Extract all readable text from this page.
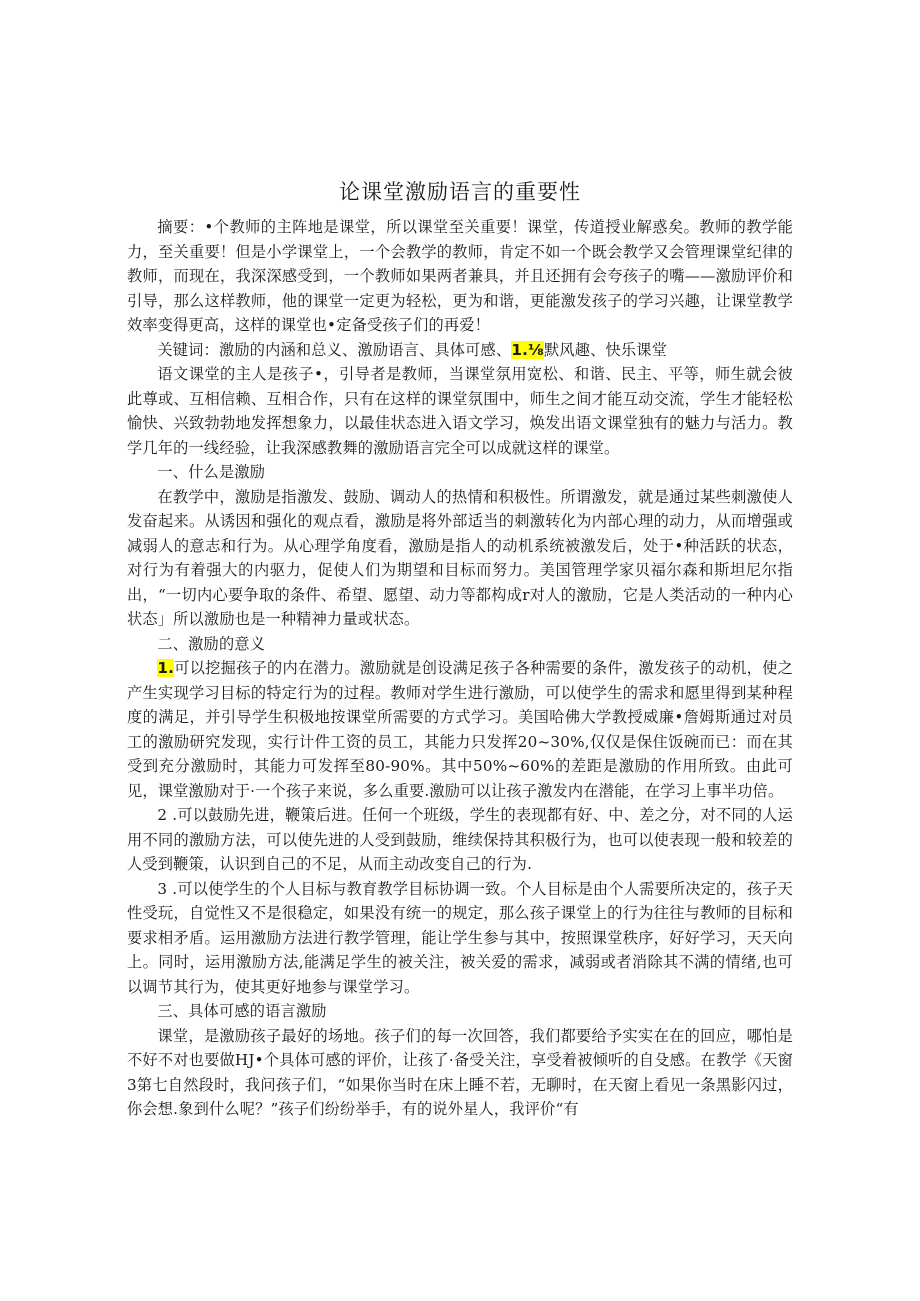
论课堂激励语言的重要性

摘要：•个教师的主阵地是课堂，所以课堂至关重要！课堂，传道授业解惑矣。教师的教学能力，至关重要！但是小学课堂上，一个会教学的教师，肯定不如一个既会教学又会管理课堂纪律的教师，而现在，我深深感受到，一个教师如果两者兼具，并且还拥有会夸孩子的嘴——激励评价和引导，那么这样教师，他的课堂一定更为轻松，更为和谐，更能激发孩子的学习兴趣，让课堂教学效率变得更高，这样的课堂也•定备受孩子们的再爱！

关键词：激励的内涵和总义、激励语言、具体可感、1.⅛默风趣、快乐课堂

语文课堂的主人是孩子•，引导者是教师，当课堂氛用宽松、和谐、民主、平等，师生就会彼此尊或、互相信赖、互相合作，只有在这样的课堂氛围中，师生之间才能互动交流，学生才能轻松愉快、兴致勃勃地发挥想象力，以最佳状态进入语文学习，焕发出语文课堂独有的魅力与活力。教学几年的一线经验，让我深感教舞的激励语言完全可以成就这样的课堂。

一、什么是激励

在教学中，激励是指激发、鼓励、调动人的热情和积极性。所谓激发，就是通过某些刺激使人发奋起来。从诱因和强化的观点看，激励是将外部适当的刺激转化为内部心理的动力，从而增强或减弱人的意志和行为。从心理学角度看，激励是指人的动机系统被激发后，处于•种活跃的状态，对行为有着强大的内驱力，促使人们为期望和目标而努力。美国管理学家贝福尔森和斯坦尼尔指出，“一切内心要争取的条件、希望、愿望、动力等都构成r对人的激励，它是人类活动的一种内心状态」所以激励也是一种精神力量或状态。

二、激励的意义

1.可以挖掘孩子的内在潜力。激励就是创设满足孩子各种需要的条件，激发孩子的动机，使之产生实现学习目标的特定行为的过程。教师对学生进行激励，可以使学生的需求和愿里得到某种程度的满足，并引导学生积极地按课堂所需要的方式学习。美国哈佛大学教授威廉•詹姆斯通过对员工的激励研究发现，实行计件工资的员工，其能力只发挥20~30%,仅仅是保住饭碗而已：而在其受到充分激励时，其能力可发挥至80-90%。其中50%~60%的差距是激励的作用所致。由此可见，课堂激励对于·一个孩子来说，多么重要.激励可以让孩子激发内在潜能，在学习上事半功倍。

2 .可以鼓励先进，鞭策后进。任何一个班级，学生的表现都有好、中、差之分，对不同的人运用不同的激励方法，可以使先进的人受到鼓励，维续保持其积极行为，也可以使表现一般和较差的人受到鞭策，认识到自己的不足，从而主动改变自己的行为.

3 .可以使学生的个人目标与教育教学目标协调一致。个人目标是由个人需要所决定的，孩子天性受玩，自觉性又不是很稳定，如果没有统一的规定，那么孩子课堂上的行为往往与教师的目标和要求相矛盾。运用激励方法进行教学管理，能让学生参与其中，按照课堂秩序，好好学习，天天向上。同时，运用激励方法,能满足学生的被关注，被关爱的需求，减弱或者消除其不满的情绪,也可以调节其行为，使其更好地参与课堂学习。

三、具体可感的语言激励

课堂，是激励孩子最好的场地。孩子们的每一次回答，我们都要给予实实在在的回应，哪怕是不好不对也要做HJ•个具体可感的评价，让孩了·备受关注，享受着被倾听的自殳感。在教学《天窗3第七自然段时，我问孩子们，“如果你当时在床上睡不若，无聊时，在天窗上看见一条黑影闪过，你会想.象到什么呢？”孩子们纷纷举手，有的说外星人，我评价“有
